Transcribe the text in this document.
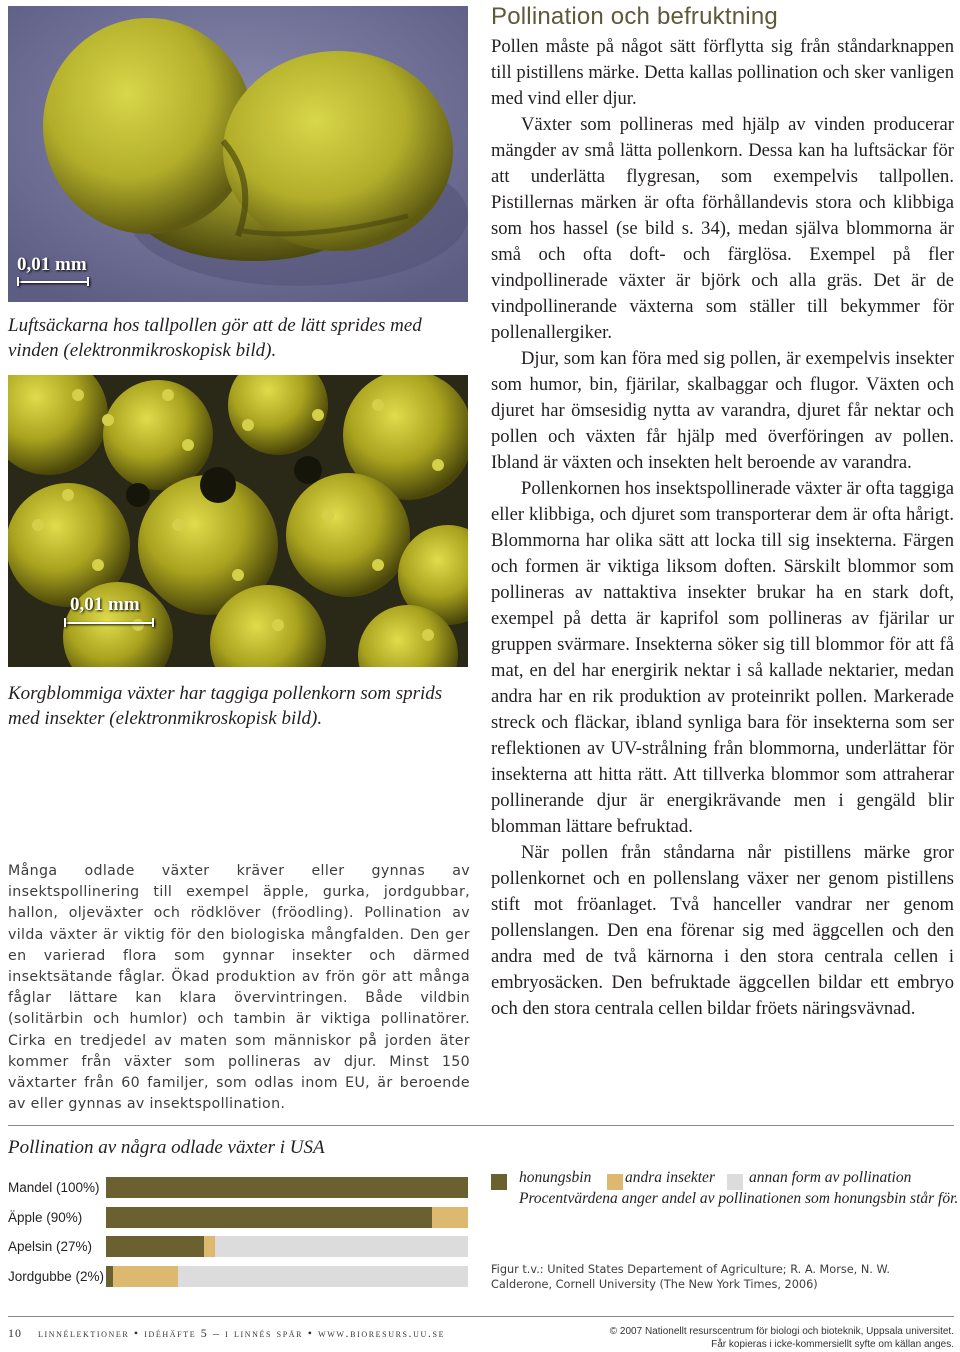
0,01 mm
Luftsäckarna hos tallpollen gör att de lätt sprides med vinden (elektronmikroskopisk bild).
0,01 mm
Korgblommiga växter har taggiga pollenkorn som sprids med insekter (elektronmikroskopisk bild).
Många odlade växter kräver eller gynnas av insektspollinering till exempel äpple, gurka, jordgubbar, hallon, oljeväxter och rödklöver (fröodling). Pollination av vilda växter är viktig för den biologiska mångfalden. Den ger en varierad flora som gynnar insekter och därmed insektsätande fåglar. Ökad produktion av frön gör att många fåglar lättare kan klara övervintringen. Både vildbin (solitärbin och humlor) och tambin är viktiga pollinatörer. Cirka en tredjedel av maten som människor på jorden äter kommer från växter som pollineras av djur. Minst 150 växtarter från 60 familjer, som odlas inom EU, är beroende av eller gynnas av insektspollination.
Pollination och befruktning

Pollen måste på något sätt förflytta sig från ståndarknappen till pistillens märke. Detta kallas pollination och sker vanligen med vind eller djur.

Växter som pollineras med hjälp av vinden producerar mängder av små lätta pollenkorn. Dessa kan ha luftsäckar för att underlätta flygresan, som exempelvis tallpollen. Pistillernas märken är ofta förhållandevis stora och klibbiga som hos hassel (se bild s. 34), medan själva blommorna är små och ofta doft- och färglösa. Exempel på fler vindpollinerade växter är björk och alla gräs. Det är de vindpollinerande växterna som ställer till bekymmer för pollenallergiker.

Djur, som kan föra med sig pollen, är exempelvis insekter som humor, bin, fjärilar, skalbaggar och flugor. Växten och djuret har ömsesidig nytta av varandra, djuret får nektar och pollen och växten får hjälp med överföringen av pollen. Ibland är växten och insekten helt beroende av varandra.

Pollenkornen hos insektspollinerade växter är ofta taggiga eller klibbiga, och djuret som transporterar dem är ofta hårigt. Blommorna har olika sätt att locka till sig insekterna. Färgen och formen är viktiga liksom doften. Särskilt blommor som pollineras av nattaktiva insekter brukar ha en stark doft, exempel på detta är kaprifol som pollineras av fjärilar ur gruppen svärmare. Insekterna söker sig till blommor för att få mat, en del har energirik nektar i så kallade nektarier, medan andra har en rik produktion av proteinrikt pollen. Markerade streck och fläckar, ibland synliga bara för insekterna som ser reflektionen av UV-strålning från blommorna, underlättar för insekterna att hitta rätt. Att tillverka blommor som attraherar pollinerande djur är energikrävande men i gengäld blir blomman lättare befruktad.

När pollen från ståndarna når pistillens märke gror pollenkornet och en pollenslang växer ner genom pistillens stift mot fröanlaget. Två hanceller vandrar ner genom pollenslangen. Den ena förenar sig med äggcellen och den andra med de två kärnorna i den stora centrala cellen i embryosäcken. Den befruktade äggcellen bildar ett embryo och den stora centrala cellen bildar fröets näringsvävnad.

Pollination av några odlade växter i USA
Mandel (100%)
Äpple (90%)
Apelsin (27%)
Jordgubbe (2%)
honungsbin andra insekter annan form av pollination
Procentvärdena anger andel av pollinationen som honungsbin står för.
Figur t.v.: United States Departement of Agriculture; R. A. Morse, N. W. Calderone, Cornell University (The New York Times, 2006)
10 linnélektioner • idéhäfte 5 – i linnés spår • www.bioresurs.uu.se	© 2007 Nationellt resurscentrum för biologi och bioteknik, Uppsala universitet.
Får kopieras i icke-kommersiellt syfte om källan anges.
